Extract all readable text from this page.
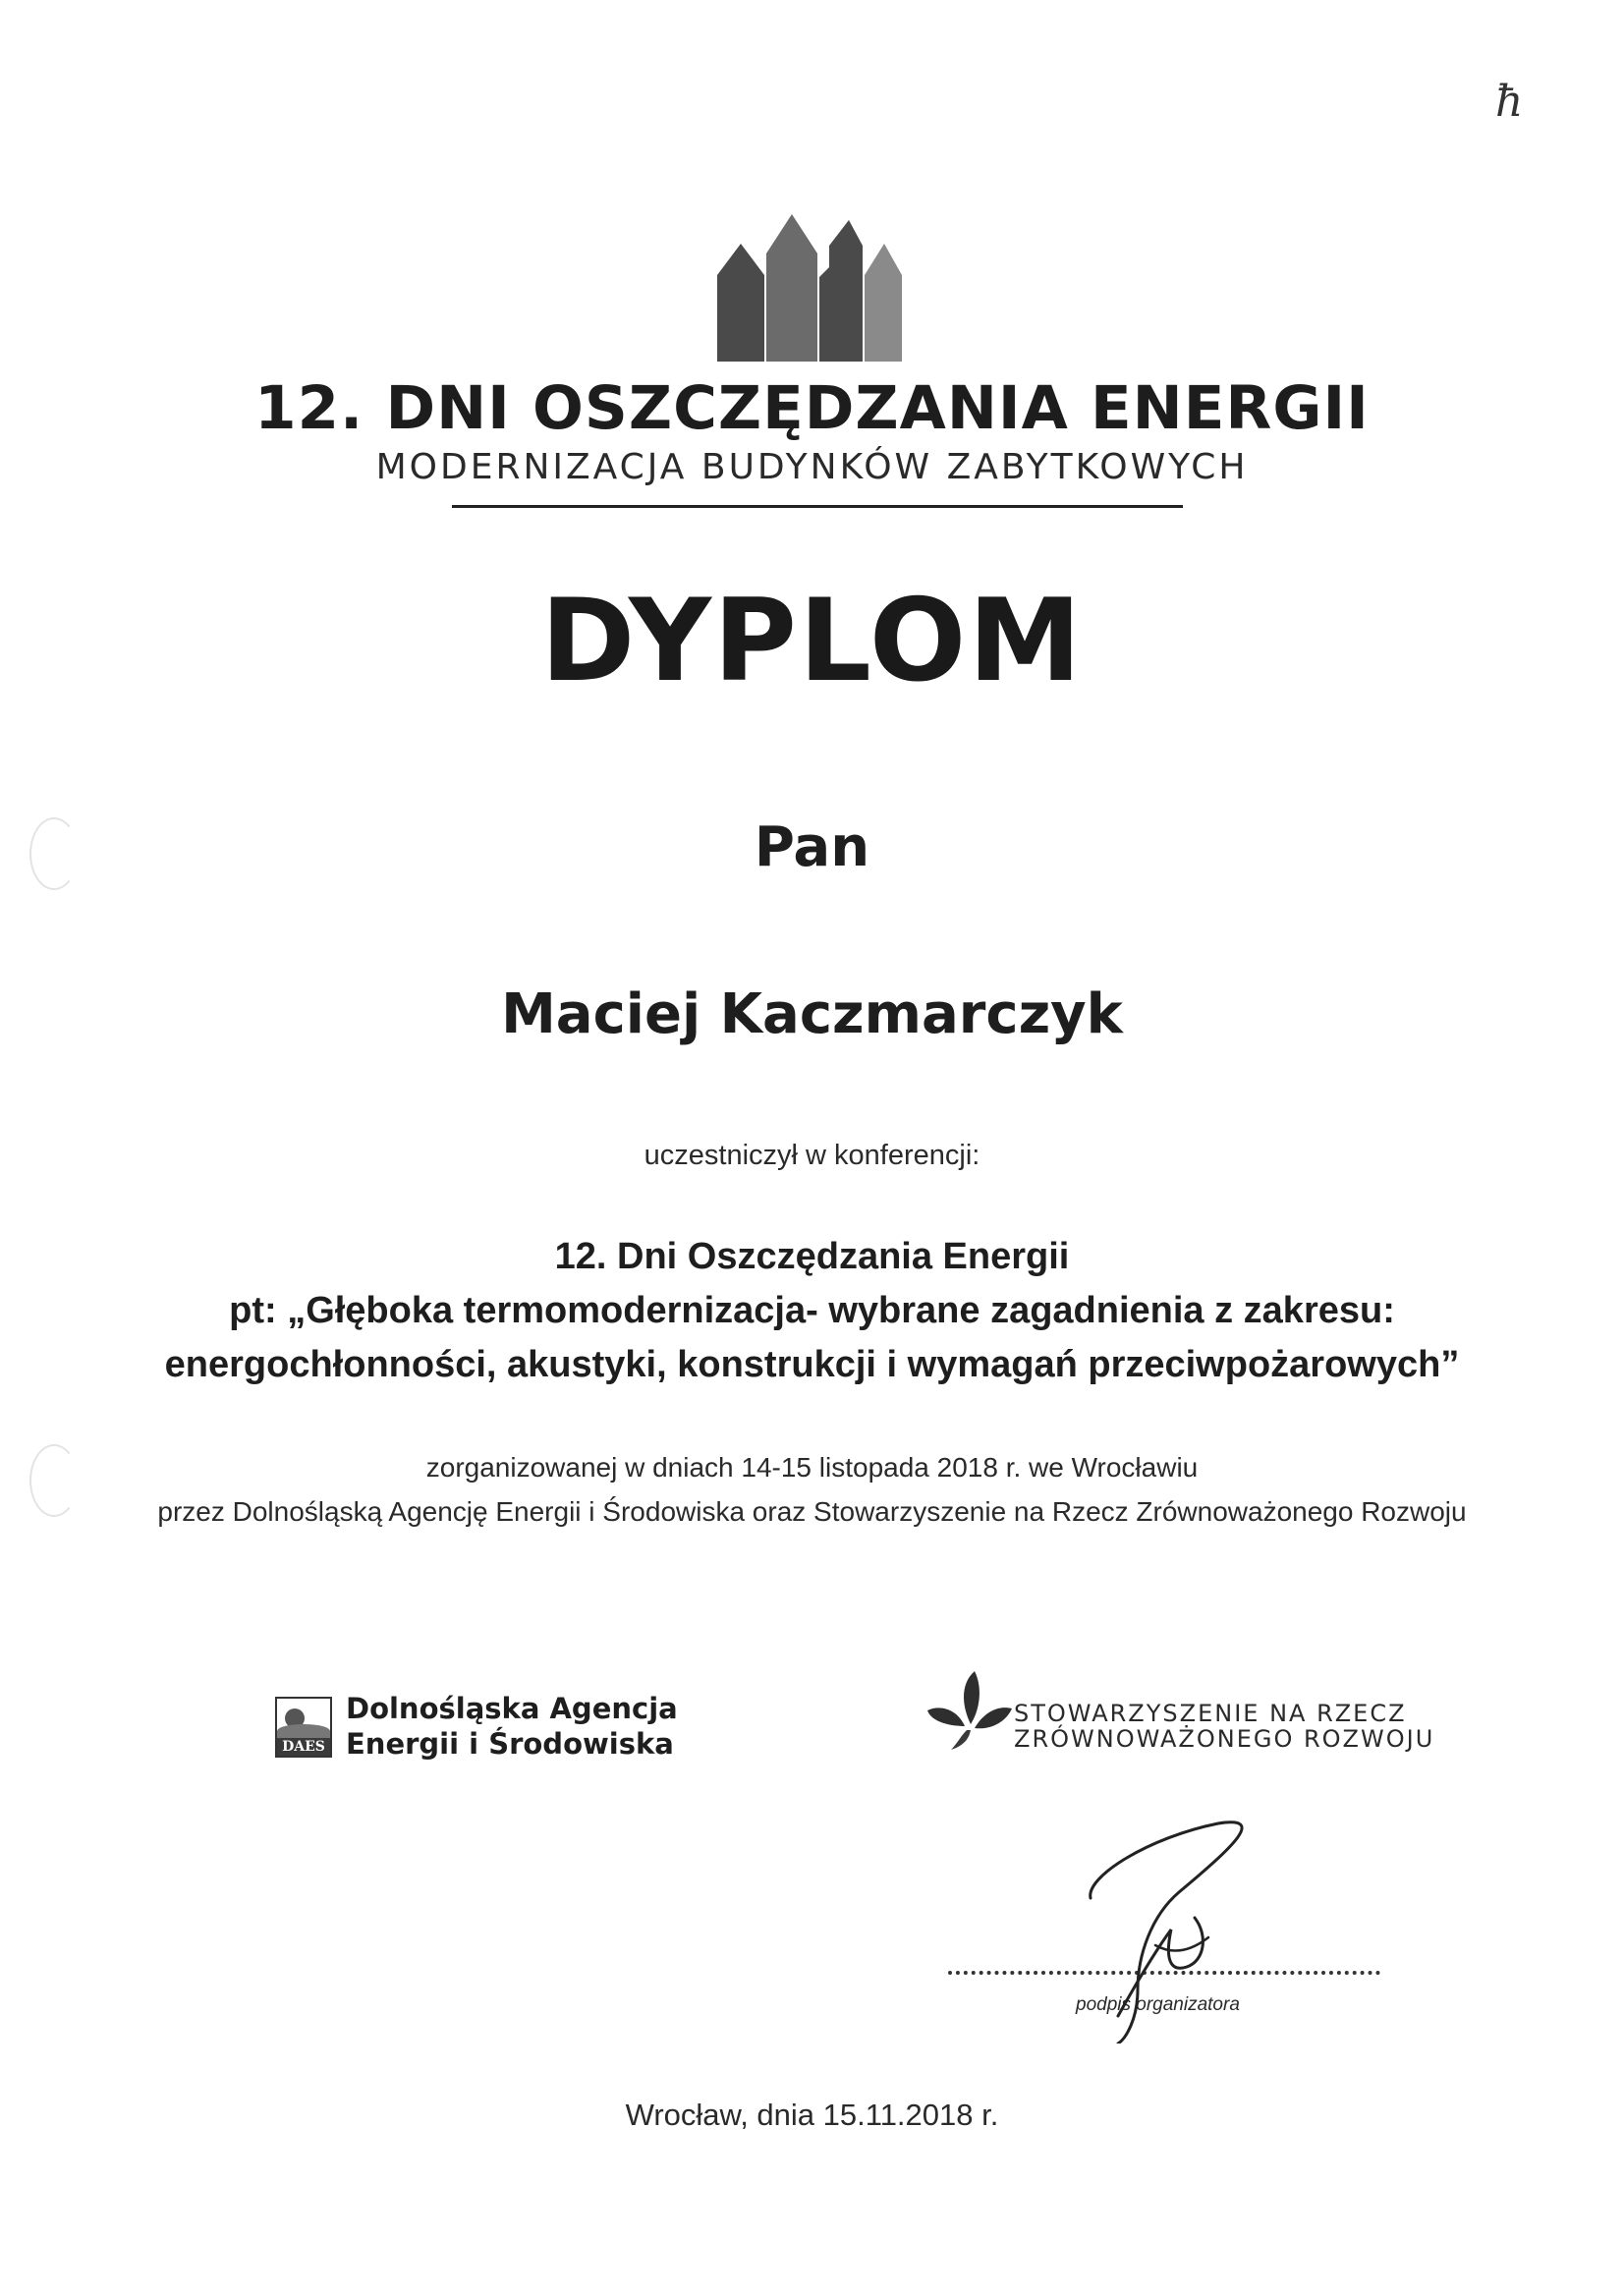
ħ
12. DNI OSZCZĘDZANIA ENERGII
MODERNIZACJA BUDYNKÓW ZABYTKOWYCH
DYPLOM
Pan
Maciej Kaczmarczyk
uczestniczył w konferencji:
12. Dni Oszczędzania Energii
pt: „Głęboka termomodernizacja- wybrane zagadnienia z zakresu:
energochłonności, akustyki, konstrukcji i wymagań przeciwpożarowych”
zorganizowanej w dniach 14-15 listopada 2018 r. we Wrocławiu
przez Dolnośląską Agencję Energii i Środowiska oraz Stowarzyszenie na Rzecz Zrównoważonego Rozwoju
DAES
Dolnośląska Agencja
Energii i Środowiska
STOWARZYSZENIE NA RZECZ
ZRÓWNOWAŻONEGO ROZWOJU
podpis organizatora
Wrocław, dnia 15.11.2018 r.
